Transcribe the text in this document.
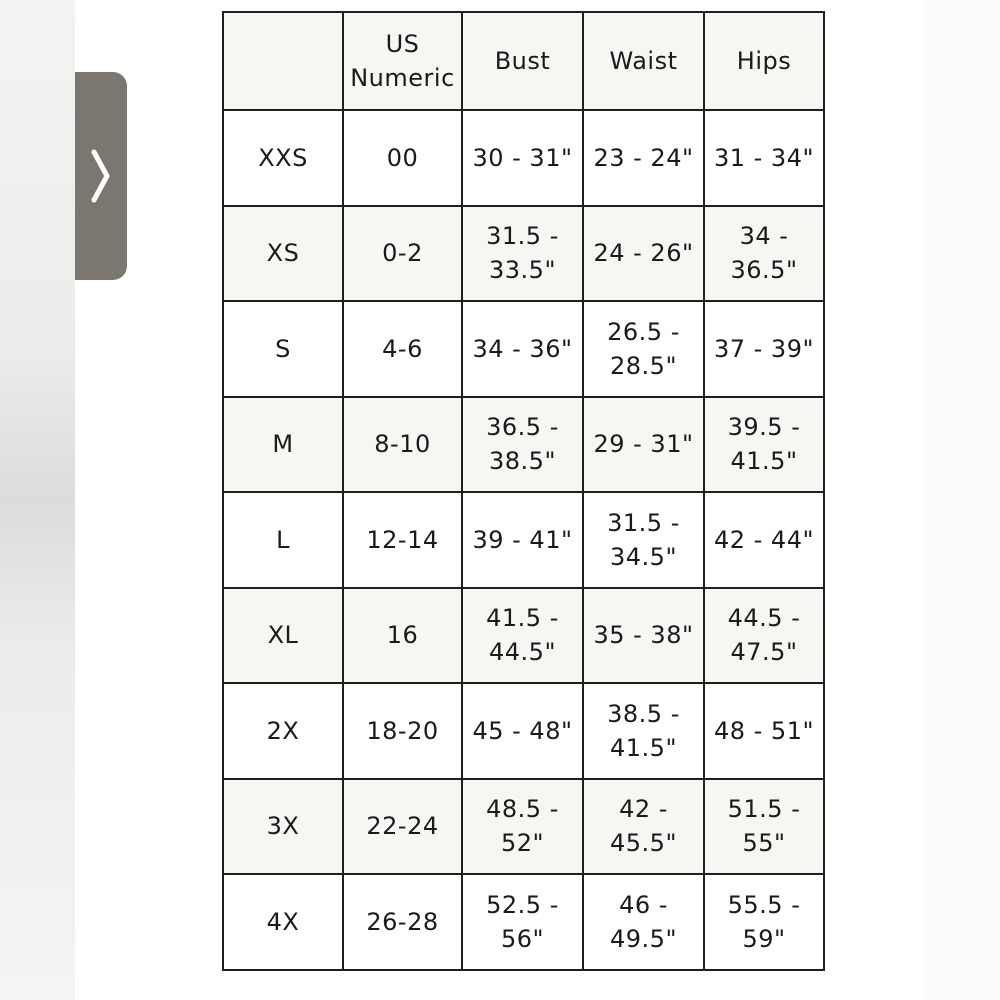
	US
Numeric	Bust	Waist	Hips

XXS	00	30 - 31"	23 - 24"	31 - 34"

XS	0-2	31.5 -
33.5"	24 - 26"	34 -
36.5"

S	4-6	34 - 36"	26.5 -
28.5"	37 - 39"

M	8-10	36.5 -
38.5"	29 - 31"	39.5 -
41.5"

L	12-14	39 - 41"	31.5 -
34.5"	42 - 44"

XL	16	41.5 -
44.5"	35 - 38"	44.5 -
47.5"

2X	18-20	45 - 48"	38.5 -
41.5"	48 - 51"

3X	22-24	48.5 -
52"	42 -
45.5"	51.5 -
55"

4X	26-28	52.5 -
56"	46 -
49.5"	55.5 -
59"
